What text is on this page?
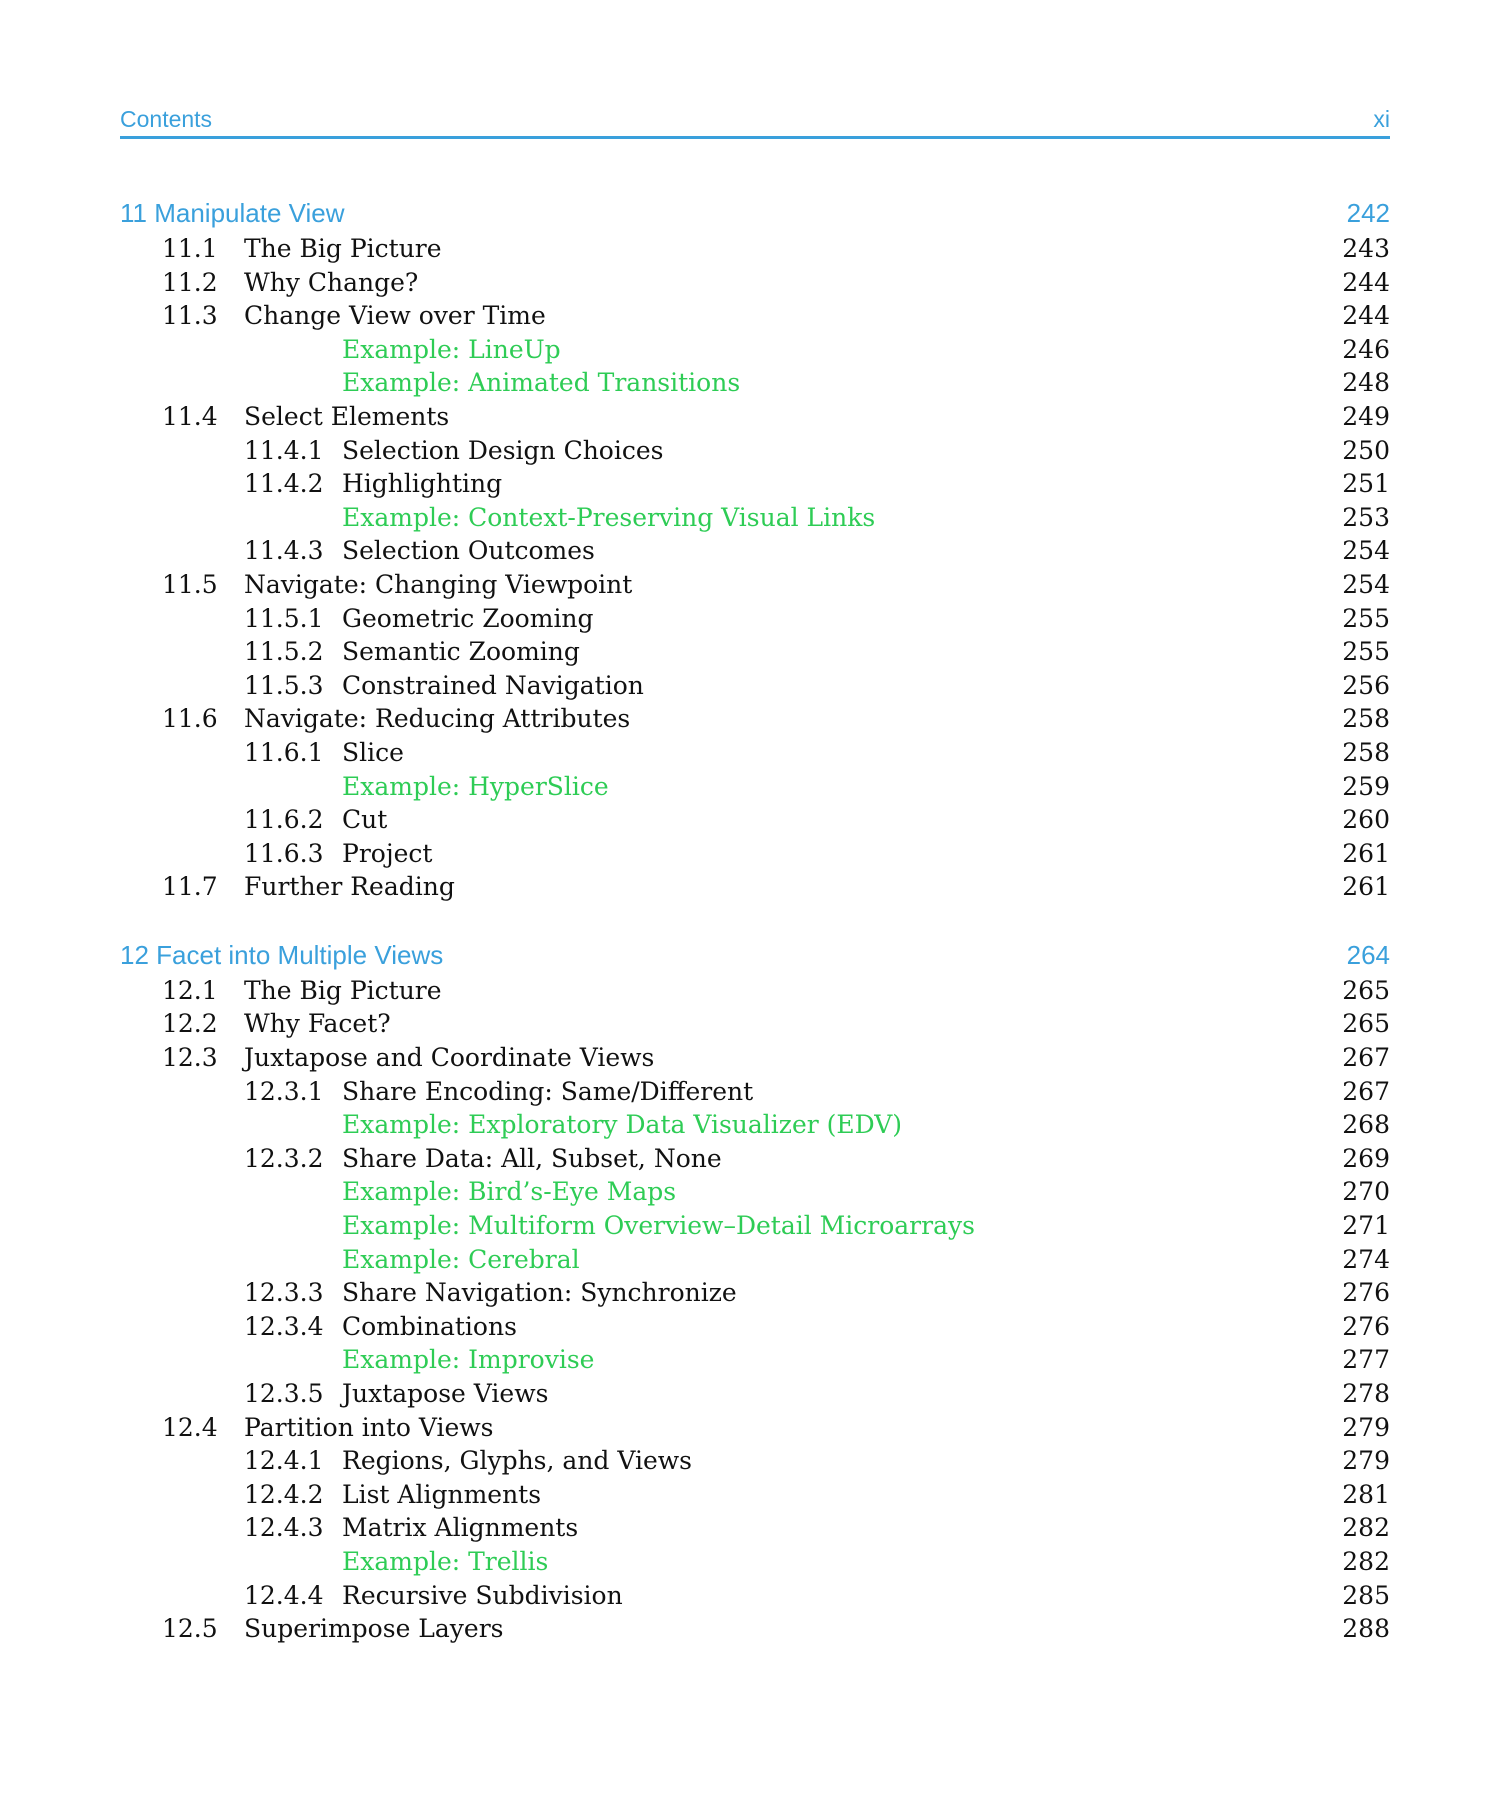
Contents	xi
11 Manipulate View	242
11.1 The Big Picture	243
11.2 Why Change?	244
11.3 Change View over Time	244
Example: LineUp	246
Example: Animated Transitions	248
11.4 Select Elements	249
11.4.1 Selection Design Choices	250
11.4.2 Highlighting	251
Example: Context-Preserving Visual Links	253
11.4.3 Selection Outcomes	254
11.5 Navigate: Changing Viewpoint	254
11.5.1 Geometric Zooming	255
11.5.2 Semantic Zooming	255
11.5.3 Constrained Navigation	256
11.6 Navigate: Reducing Attributes	258
11.6.1 Slice	258
Example: HyperSlice	259
11.6.2 Cut	260
11.6.3 Project	261
11.7 Further Reading	261
12 Facet into Multiple Views	264
12.1 The Big Picture	265
12.2 Why Facet?	265
12.3 Juxtapose and Coordinate Views	267
12.3.1 Share Encoding: Same/Different	267
Example: Exploratory Data Visualizer (EDV)	268
12.3.2 Share Data: All, Subset, None	269
Example: Bird’s-Eye Maps	270
Example: Multiform Overview–Detail Microarrays	271
Example: Cerebral	274
12.3.3 Share Navigation: Synchronize	276
12.3.4 Combinations	276
Example: Improvise	277
12.3.5 Juxtapose Views	278
12.4 Partition into Views	279
12.4.1 Regions, Glyphs, and Views	279
12.4.2 List Alignments	281
12.4.3 Matrix Alignments	282
Example: Trellis	282
12.4.4 Recursive Subdivision	285
12.5 Superimpose Layers	288
